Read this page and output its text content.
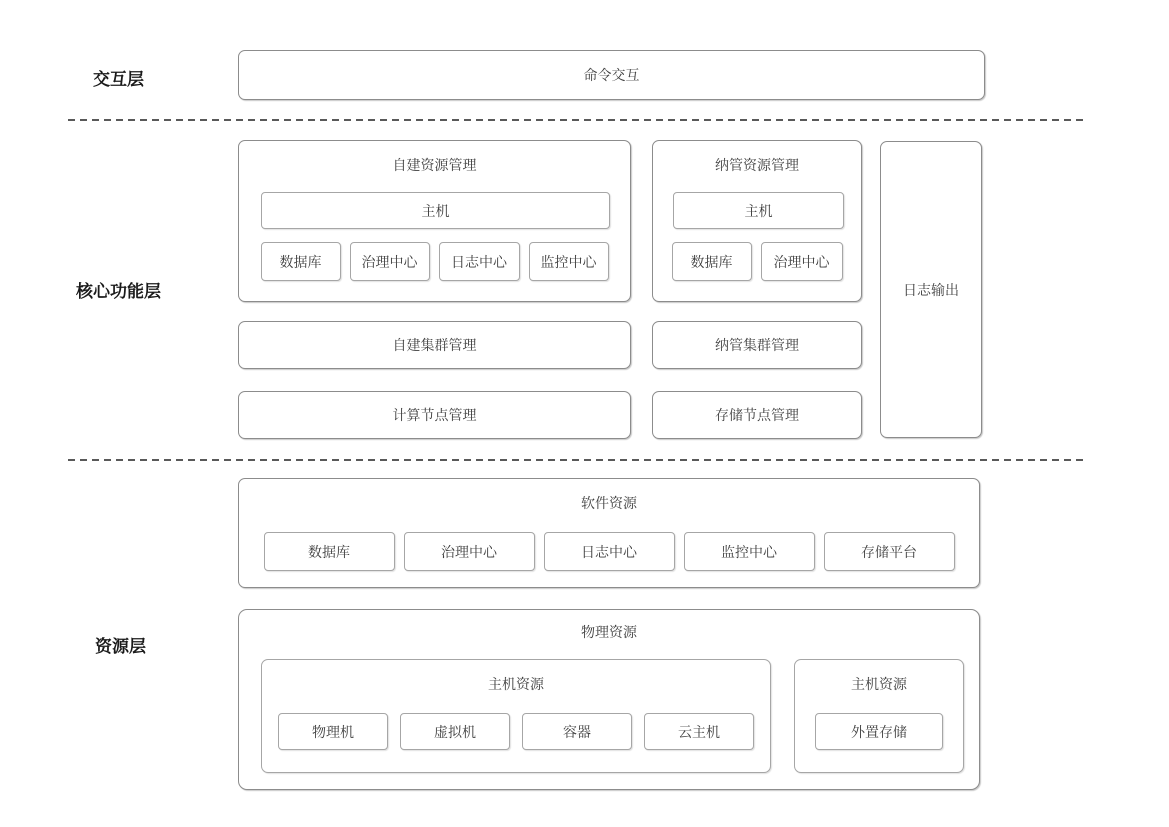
交互层
核心功能层
资源层
命令交互
自建资源管理
主机
数据库	治理中心	日志中心	监控中心
纳管资源管理
主机
数据库	治理中心
日志输出
自建集群管理	纳管集群管理
计算节点管理	存储节点管理
软件资源
数据库	治理中心	日志中心	监控中心	存储平台
物理资源
主机资源
物理机	虚拟机	容器	云主机
主机资源
外置存储
